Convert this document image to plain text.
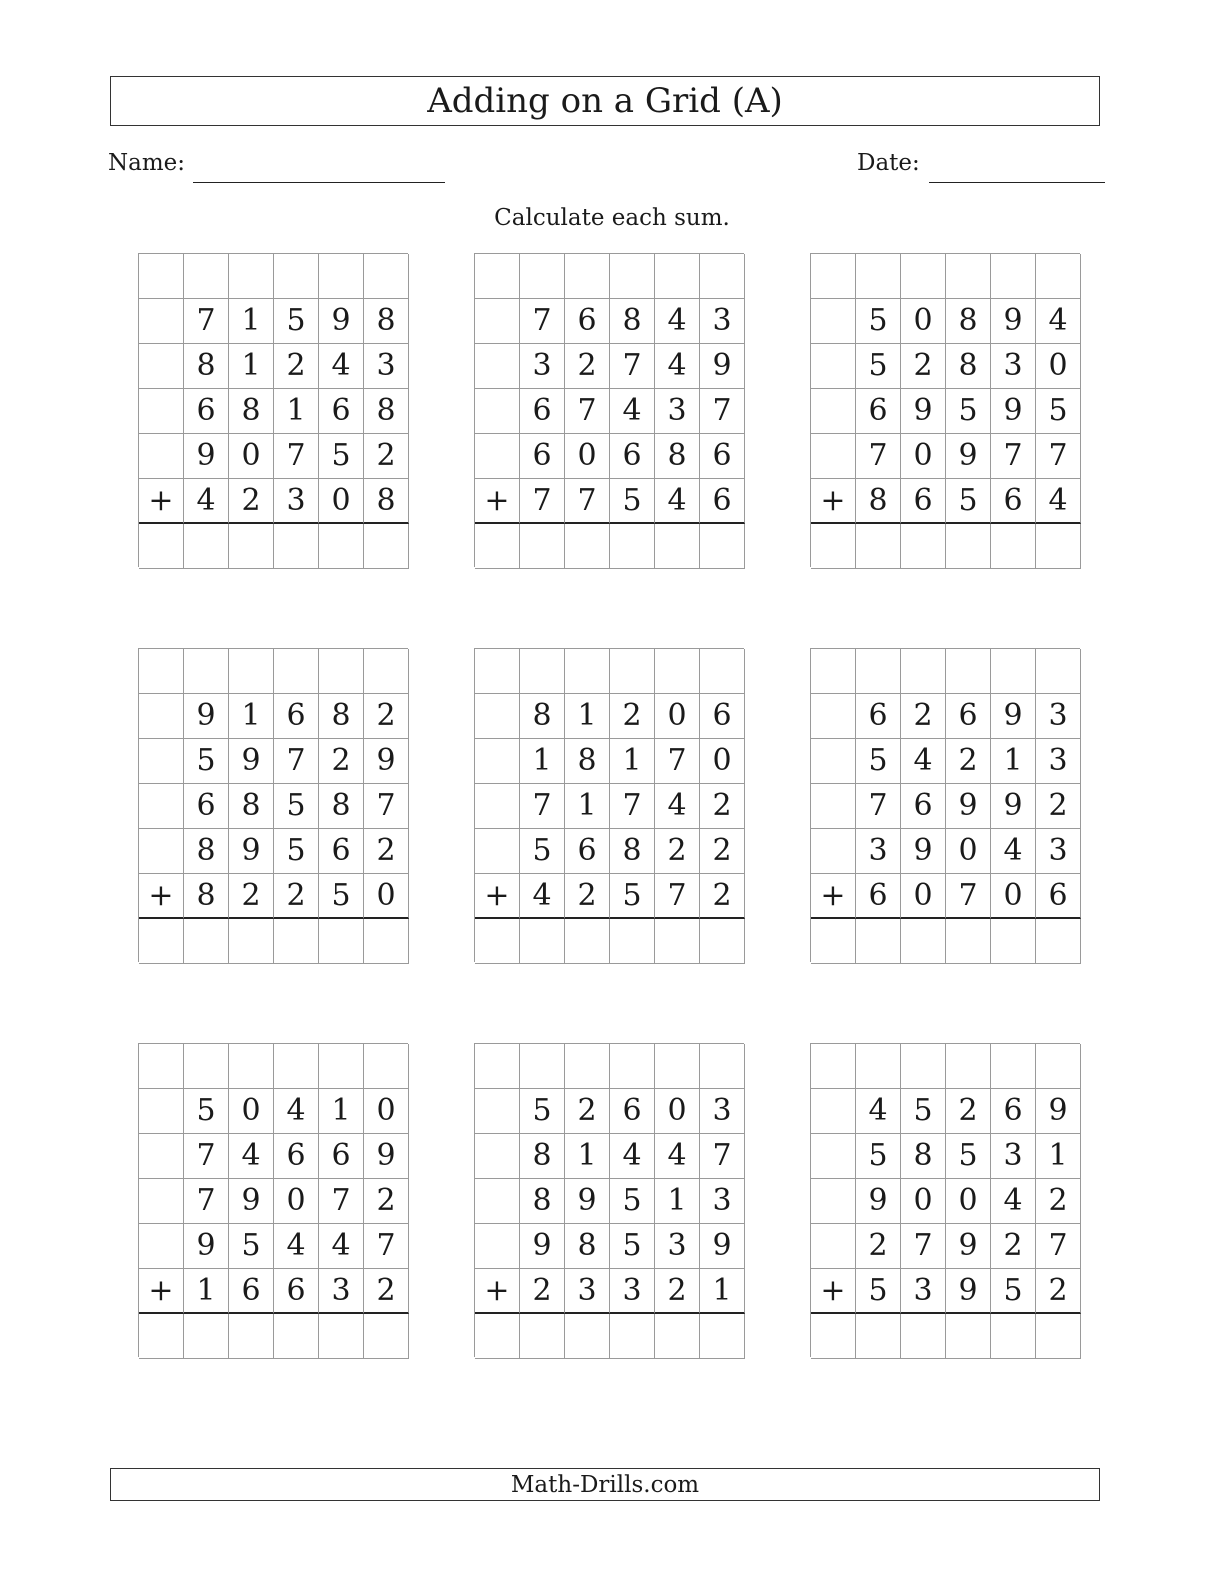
Adding on a Grid (A)
Name:	Date:
Calculate each sum.
7 1 5 9 8
8 1 2 4 3
6 8 1 6 8
9 0 7 5 2
+ 4 2 3 0 8
7 6 8 4 3
3 2 7 4 9
6 7 4 3 7
6 0 6 8 6
+ 7 7 5 4 6
5 0 8 9 4
5 2 8 3 0
6 9 5 9 5
7 0 9 7 7
+ 8 6 5 6 4
9 1 6 8 2
5 9 7 2 9
6 8 5 8 7
8 9 5 6 2
+ 8 2 2 5 0
8 1 2 0 6
1 8 1 7 0
7 1 7 4 2
5 6 8 2 2
+ 4 2 5 7 2
6 2 6 9 3
5 4 2 1 3
7 6 9 9 2
3 9 0 4 3
+ 6 0 7 0 6
5 0 4 1 0
7 4 6 6 9
7 9 0 7 2
9 5 4 4 7
+ 1 6 6 3 2
5 2 6 0 3
8 1 4 4 7
8 9 5 1 3
9 8 5 3 9
+ 2 3 3 2 1
4 5 2 6 9
5 8 5 3 1
9 0 0 4 2
2 7 9 2 7
+ 5 3 9 5 2
Math-Drills.com
